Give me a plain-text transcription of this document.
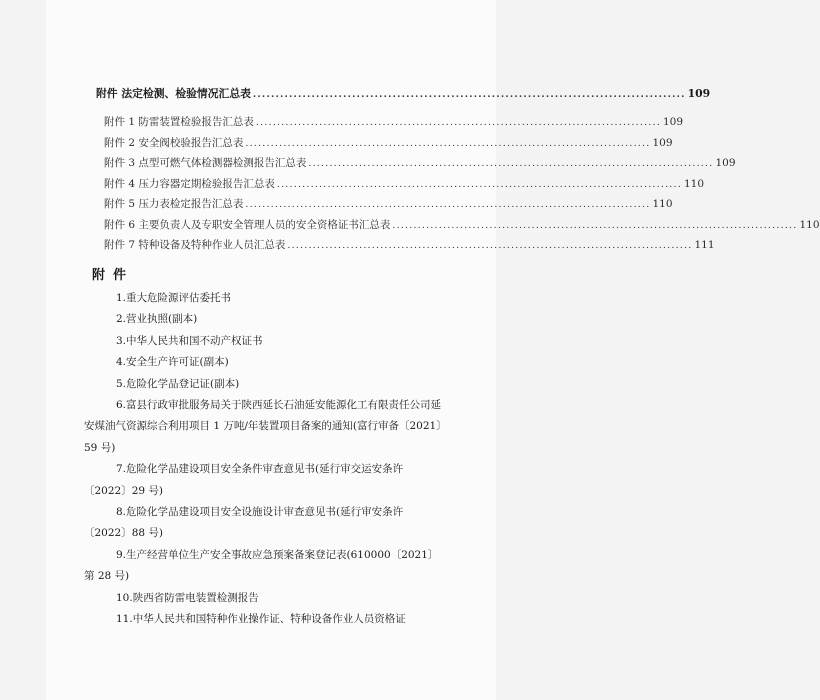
附件 法定检测、检验情况汇总表 ................................................................................................ 109
附件 1 防雷装置检验报告汇总表 ................................................................................................ 109
附件 2 安全阀校验报告汇总表 ................................................................................................ 109
附件 3 点型可燃气体检测器检测报告汇总表 ................................................................................................ 109
附件 4 压力容器定期检验报告汇总表 ................................................................................................ 110
附件 5 压力表检定报告汇总表 ................................................................................................ 110
附件 6 主要负责人及专职安全管理人员的安全资格证书汇总表 ................................................................................................ 110
附件 7 特种设备及特种作业人员汇总表 ................................................................................................ 111
附件
1.重大危险源评估委托书
2.营业执照(副本)
3.中华人民共和国不动产权证书
4.安全生产许可证(副本)
5.危险化学品登记证(副本)
6.富县行政审批服务局关于陕西延长石油延安能源化工有限责任公司延安煤油气资源综合利用项目 1 万吨/年装置项目备案的通知(富行审备〔2021〕59 号)
7.危险化学品建设项目安全条件审查意见书(延行审交运安条许〔2022〕29 号)
8.危险化学品建设项目安全设施设计审查意见书(延行审安条许〔2022〕88 号)
9.生产经营单位生产安全事故应急预案备案登记表(610000〔2021〕第 28 号)
10.陕西省防雷电装置检测报告
11.中华人民共和国特种作业操作证、特种设备作业人员资格证
